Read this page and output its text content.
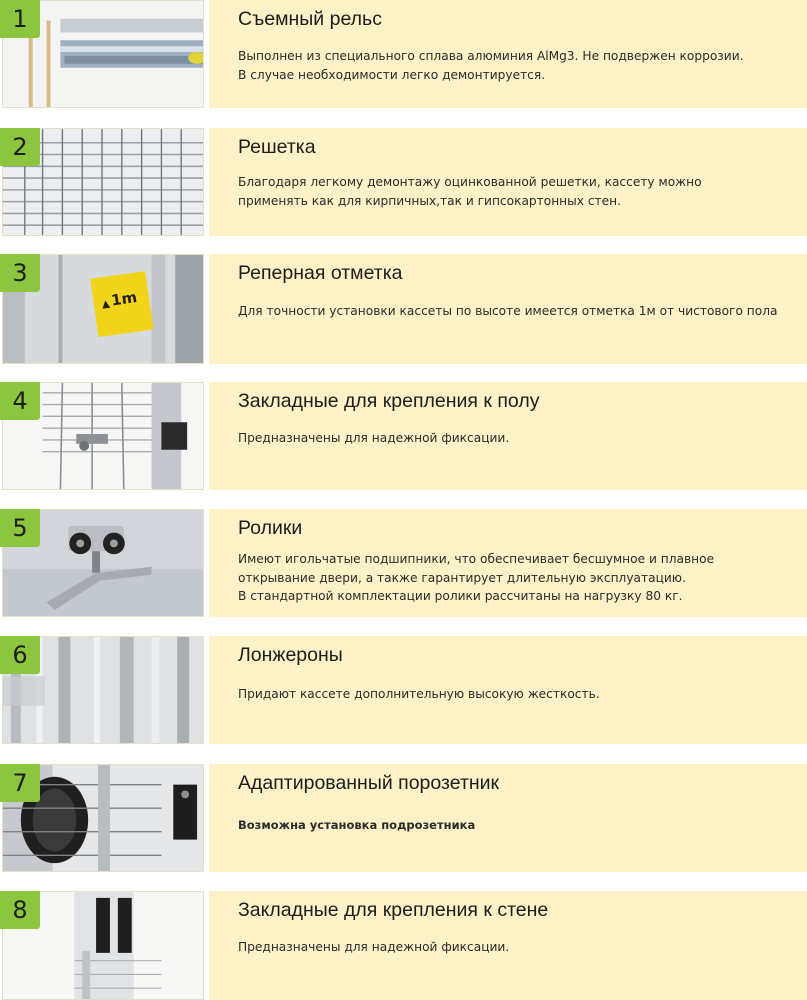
1	Съемный рельс

Выполнен из специального сплава алюминия AlMg3. Не подвержен коррозии.

В случае необходимости легко демонтируется.

2	Решетка

Благодаря легкому демонтажу оцинкованной решетки, кассету можно

применять как для кирпичных,так и гипсокартонных стен.

1m
3	Реперная отметка

Для точности установки кассеты по высоте имеется отметка 1м от чистового пола

4	Закладные для крепления к полу

Предназначены для надежной фиксации.

5	Ролики

Имеют игольчатые подшипники, что обеспечивает бесшумное и плавное

открывание двери, а также гарантирует длительную эксплуатацию.

В стандартной комплектации ролики рассчитаны на нагрузку 80 кг.

6	Лонжероны

Придают кассете дополнительную высокую жесткость.

7	Адаптированный порозетник

Возможна установка подрозетника

8	Закладные для крепления к стене

Предназначены для надежной фиксации.
